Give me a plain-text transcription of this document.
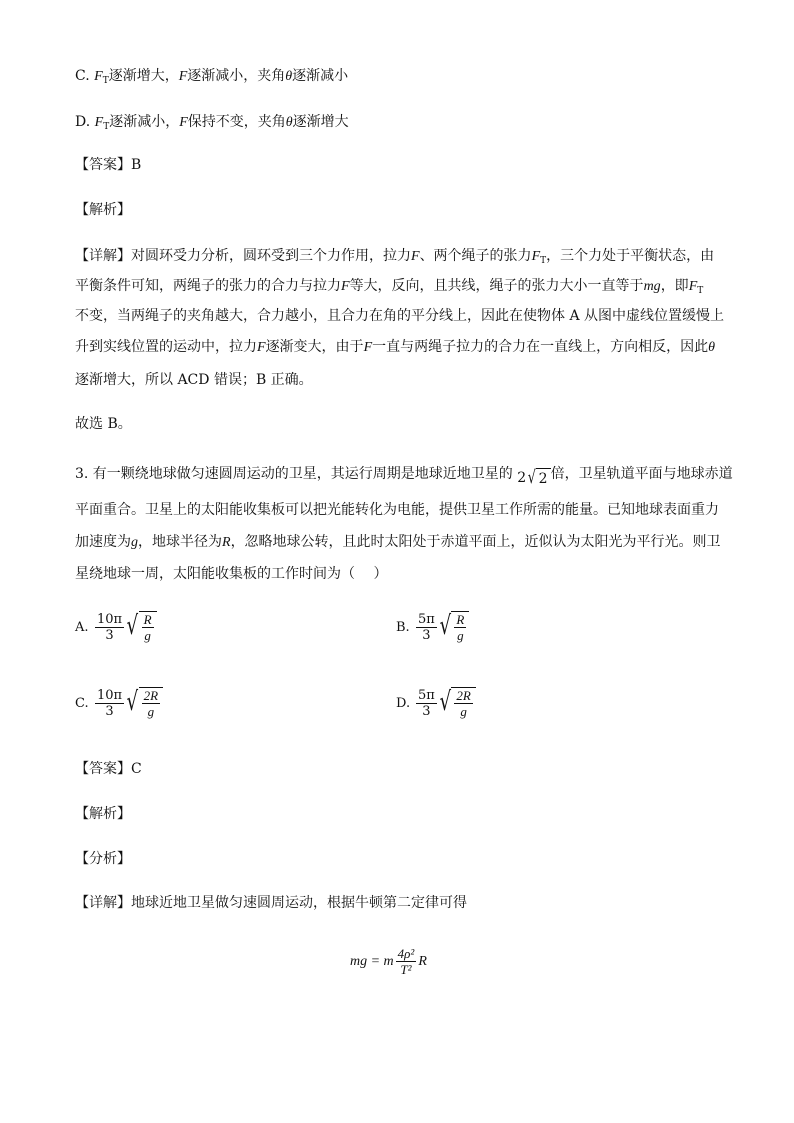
C. $F_T$逐渐增大，F逐渐减小，夹角θ逐渐减小
D. $F_T$逐渐减小，F保持不变，夹角θ逐渐增大
【答案】B
【解析】
【详解】对圆环受力分析，圆环受到三个力作用，拉力F、两个绳子的张力$F_T$，三个力处于平衡状态，由
平衡条件可知，两绳子的张力的合力与拉力F等大，反向，且共线，绳子的张力大小一直等于mg，即$F_T$
不变，当两绳子的夹角越大，合力越小，且合力在角的平分线上，因此在使物体 A 从图中虚线位置缓慢上
升到实线位置的运动中，拉力F逐渐变大，由于F一直与两绳子拉力的合力在一直线上，方向相反，因此θ
逐渐增大，所以 ACD 错误；B 正确。
故选 B。
3. 有一颗绕地球做匀速圆周运动的卫星，其运行周期是地球近地卫星的 2 √ 2 倍，卫星轨道平面与地球赤道
平面重合。卫星上的太阳能收集板可以把光能转化为电能，提供卫星工作所需的能量。已知地球表面重力
加速度为g，地球半径为R，忽略地球公转，且此时太阳处于赤道平面上，近似认为太阳光为平行光。则卫
星绕地球一周，太阳能收集板的工作时间为（　 ）
A. $\frac{10\pi}{3}$ √ $\frac{R}{g}$	B. $\frac{5\pi}{3}$ √ $\frac{R}{g}$
C. $\frac{10\pi}{3}$ √ $\frac{2R}{g}$	D. $\frac{5\pi}{3}$ √ $\frac{2R}{g}$
【答案】C
【解析】
【分析】
【详解】地球近地卫星做匀速圆周运动，根据牛顿第二定律可得
mg = m $\frac{\text{4ρ²}}{\text{T²}}$ R
